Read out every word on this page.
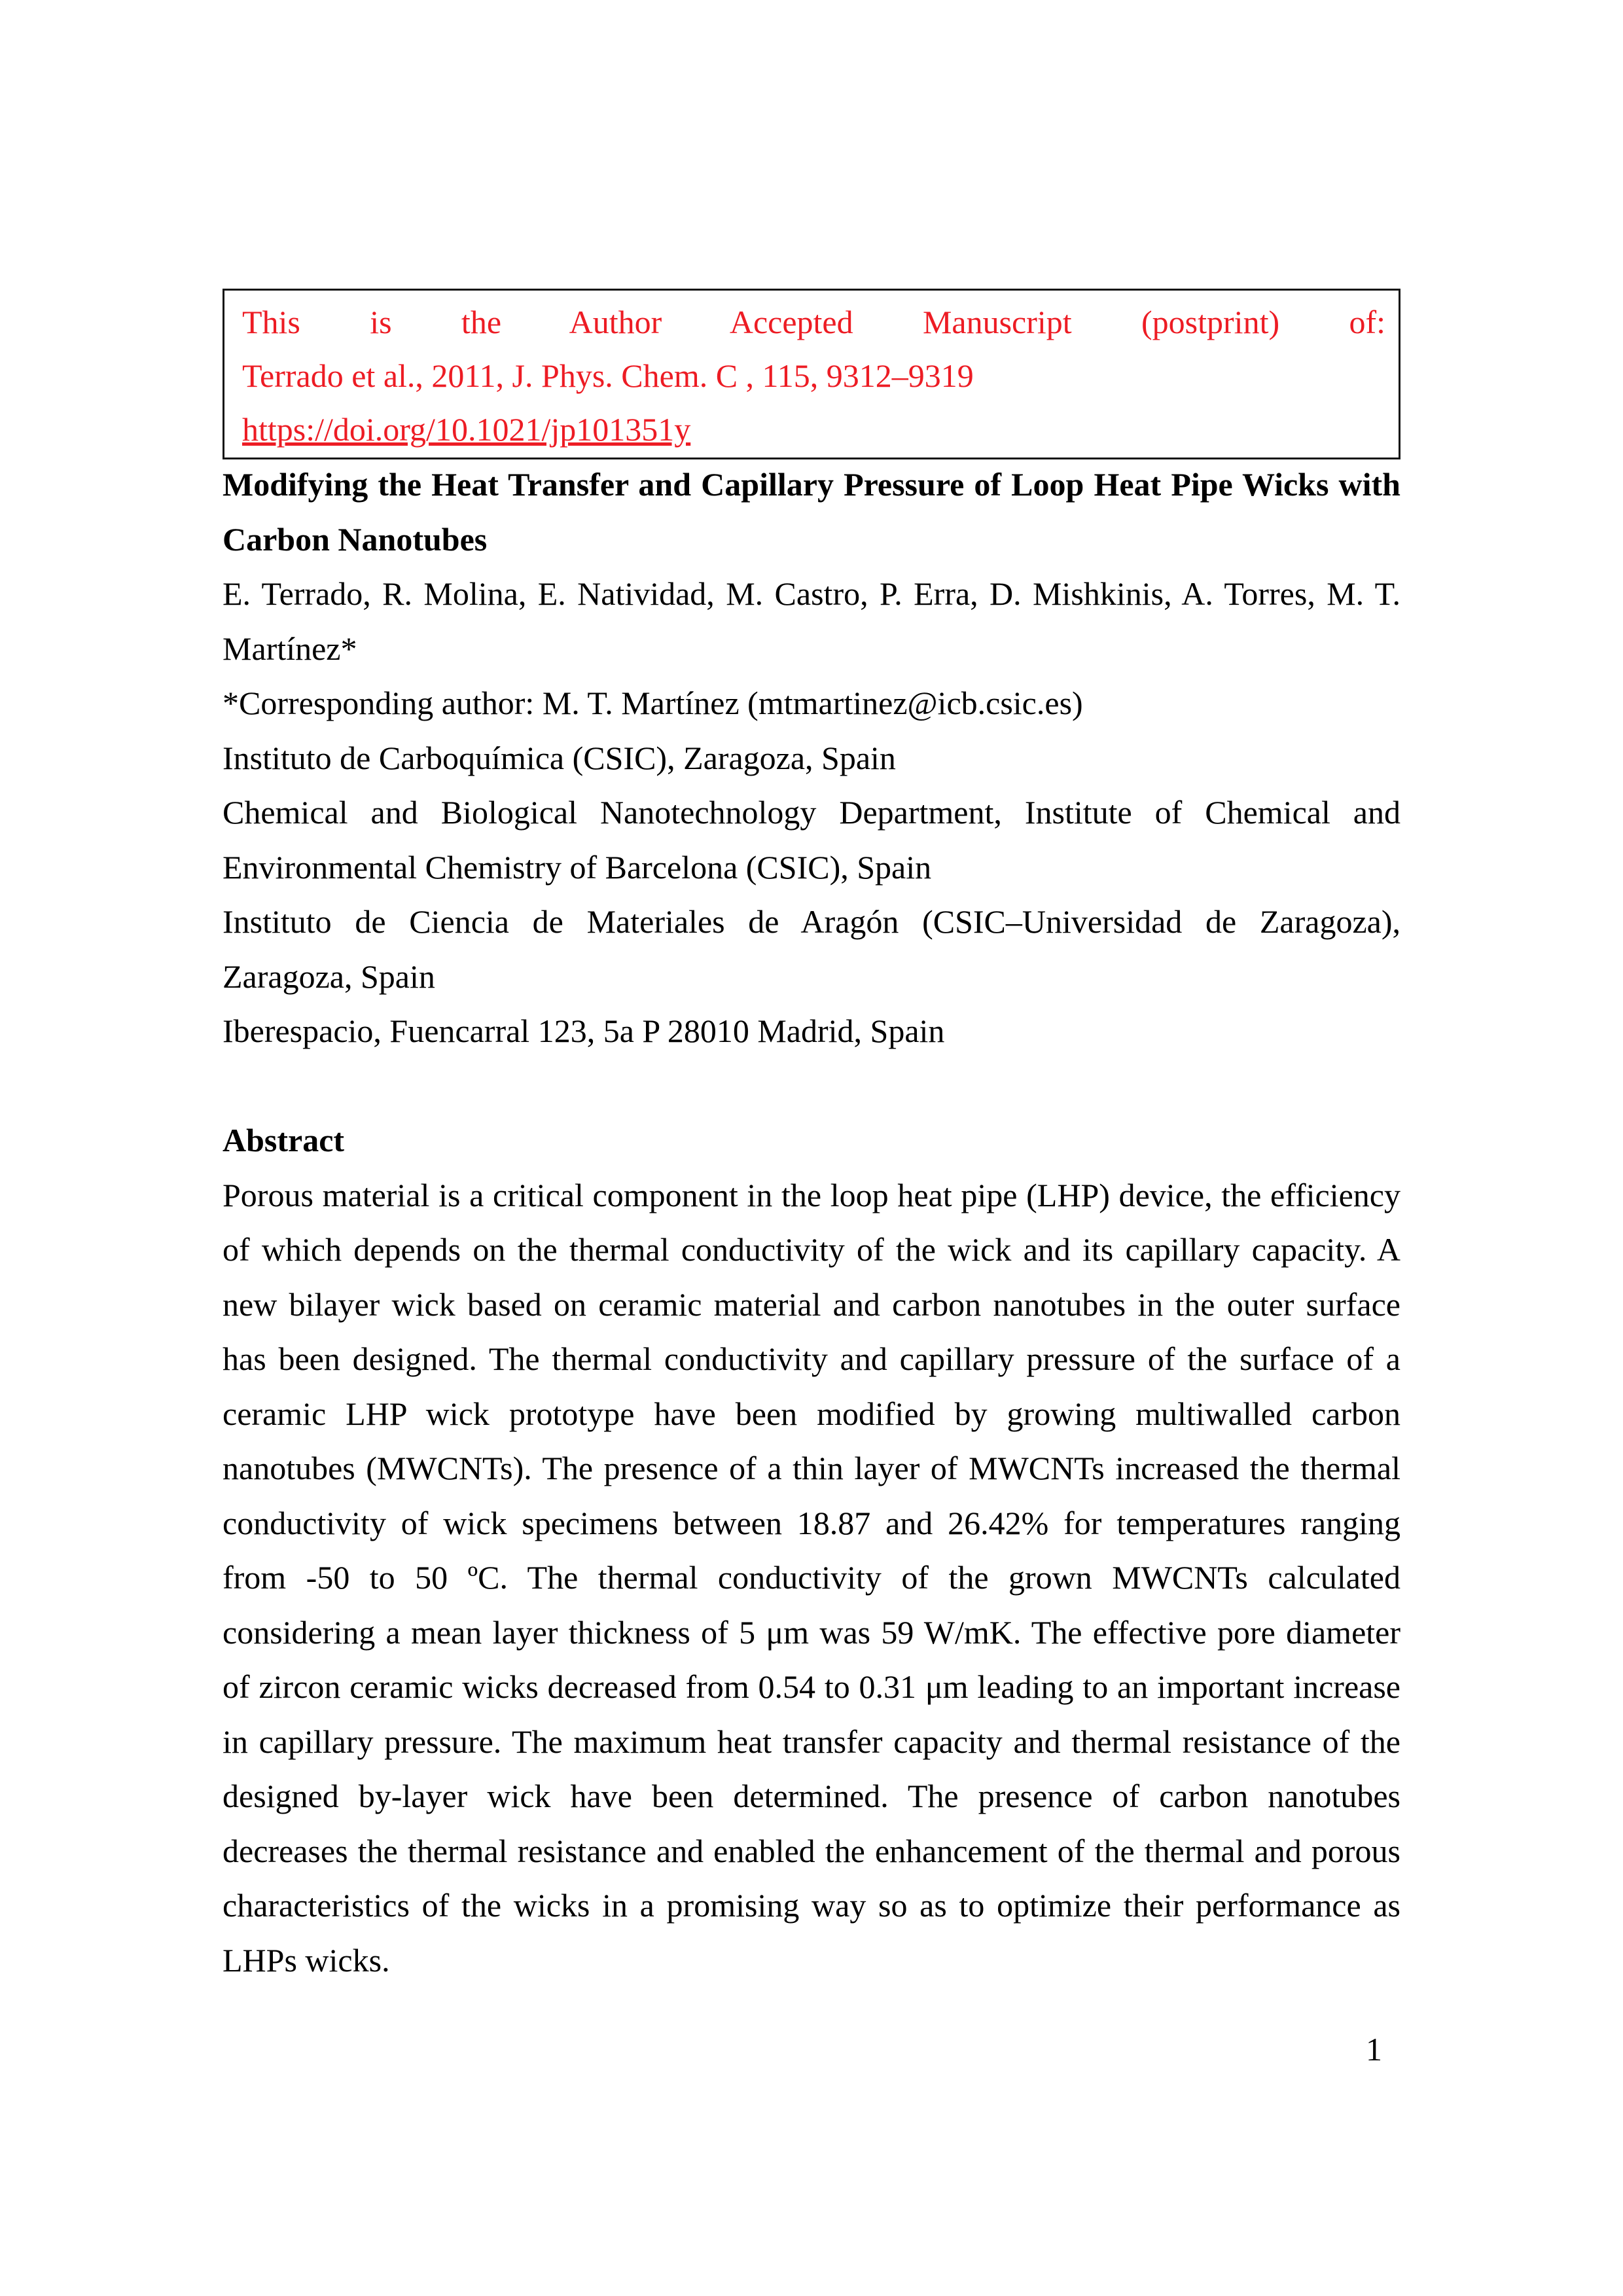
This is the Author Accepted Manuscript (postprint) of:
Terrado et al., 2011, J. Phys. Chem. C , 115, 9312–9319
https://doi.org/10.1021/jp101351y
Modifying the Heat Transfer and Capillary Pressure of Loop Heat Pipe Wicks with
Carbon Nanotubes
E. Terrado, R. Molina, E. Natividad, M. Castro, P. Erra, D. Mishkinis, A. Torres, M. T.
Martínez*
*Corresponding author: M. T. Martínez (mtmartinez@icb.csic.es)
Instituto de Carboquímica (CSIC), Zaragoza, Spain
Chemical and Biological Nanotechnology Department, Institute of Chemical and
Environmental Chemistry of Barcelona (CSIC), Spain
Instituto de Ciencia de Materiales de Aragón (CSIC–Universidad de Zaragoza),
Zaragoza, Spain
Iberespacio, Fuencarral 123, 5a P 28010 Madrid, Spain

Abstract
Porous material is a critical component in the loop heat pipe (LHP) device, the efficiency
of which depends on the thermal conductivity of the wick and its capillary capacity. A
new bilayer wick based on ceramic material and carbon nanotubes in the outer surface
has been designed. The thermal conductivity and capillary pressure of the surface of a
ceramic LHP wick prototype have been modified by growing multiwalled carbon
nanotubes (MWCNTs). The presence of a thin layer of MWCNTs increased the thermal
conductivity of wick specimens between 18.87 and 26.42% for temperatures ranging
from -50 to 50 ºC. The thermal conductivity of the grown MWCNTs calculated
considering a mean layer thickness of 5 μm was 59 W/mK. The effective pore diameter
of zircon ceramic wicks decreased from 0.54 to 0.31 μm leading to an important increase
in capillary pressure. The maximum heat transfer capacity and thermal resistance of the
designed by-layer wick have been determined. The presence of carbon nanotubes
decreases the thermal resistance and enabled the enhancement of the thermal and porous
characteristics of the wicks in a promising way so as to optimize their performance as
LHPs wicks.
1
